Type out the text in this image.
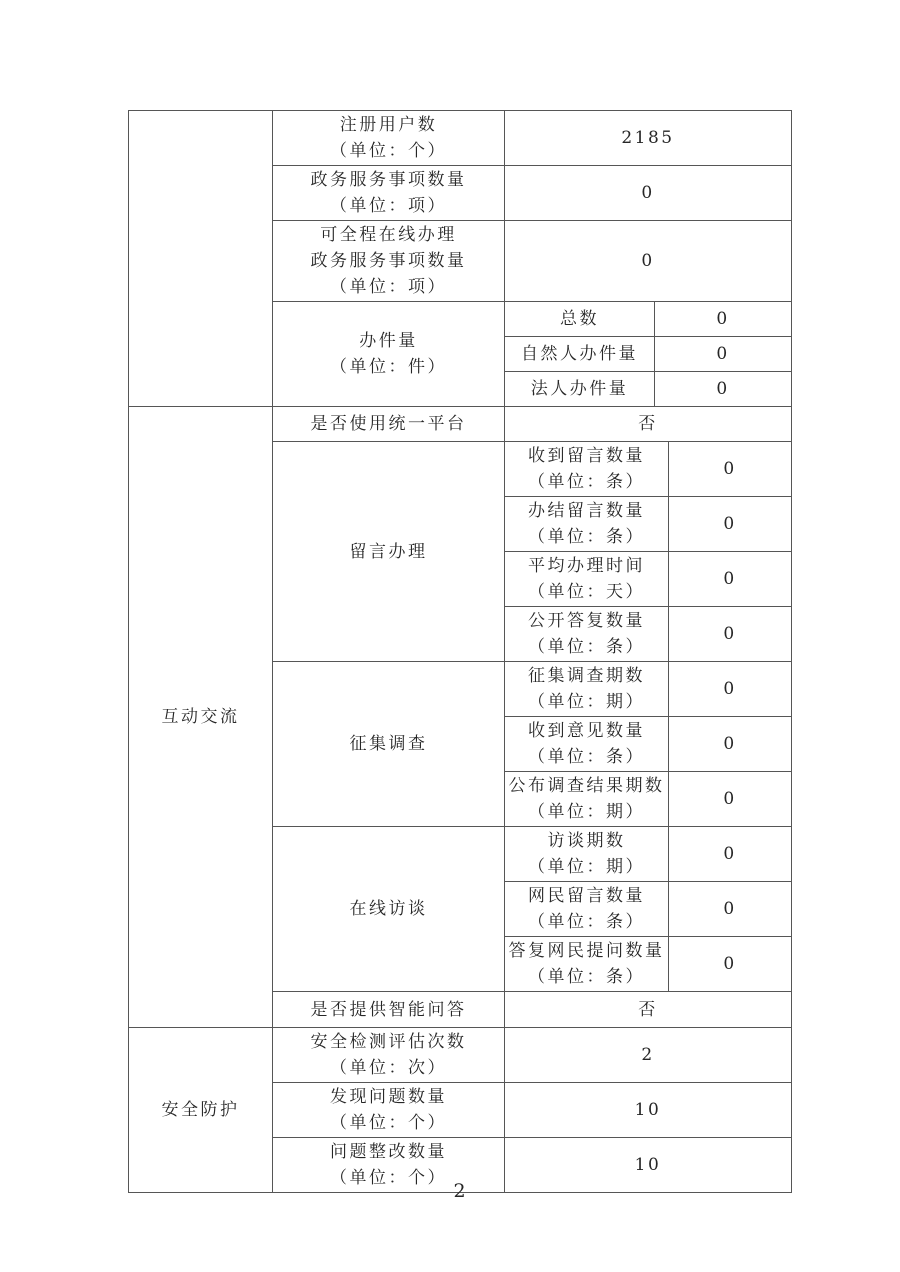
	注册用户数
（单位：个）	2185		

	政务服务事项数量
（单位：项）	0		

	可全程在线办理
政务服务事项数量
（单位：项）	0		

	办件量
（单位：件）	总数	0	
		自然人办件量	0	
		法人办件量	0	
互动交流	是否使用统一平台	否		
	留言办理	收到留言数量
（单位：条）		0

		办结留言数量
（单位：条）		0

		平均办理时间
（单位：天）		0

		公开答复数量
（单位：条）		0
	征集调查	征集调查期数
（单位：期）		0

		收到意见数量
（单位：条）		0

		公布调查结果期数
（单位：期）		0
	在线访谈	访谈期数
（单位：期）		0

		网民留言数量
（单位：条）		0

		答复网民提问数量
（单位：条）		0
	是否提供智能问答	否		
安全防护	安全检测评估次数
（单位：次）	2		

	发现问题数量
（单位：个）	10		

	问题整改数量
（单位：个）	10		
2
